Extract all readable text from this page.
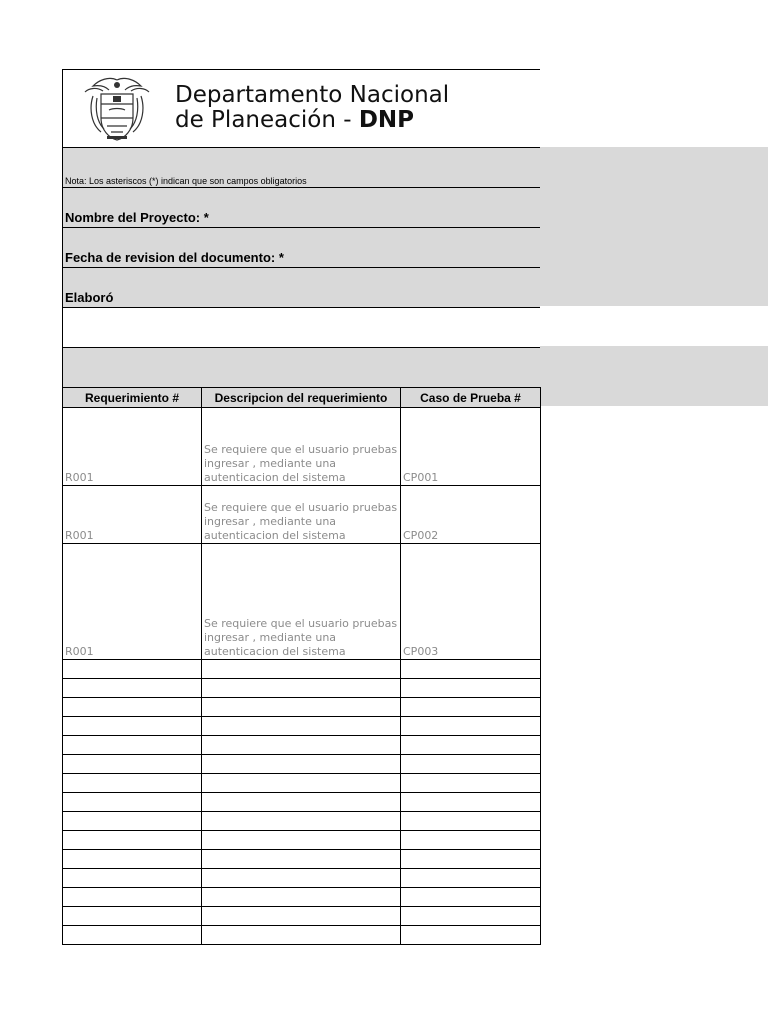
Departamento Nacional
de Planeación - DNP
Nota: Los asteriscos (*) indican que son campos obligatorios
Nombre del Proyecto: *
Fecha de revision del documento: *
Elaboró
Requerimiento #	Descripcion del requerimiento	Caso de Prueba #
R001	Se requiere que el usuario pruebas ingresar , mediante una autenticacion del sistema	CP001
R001	Se requiere que el usuario pruebas ingresar , mediante una autenticacion del sistema	CP002
R001	Se requiere que el usuario pruebas ingresar , mediante una autenticacion del sistema	CP003
